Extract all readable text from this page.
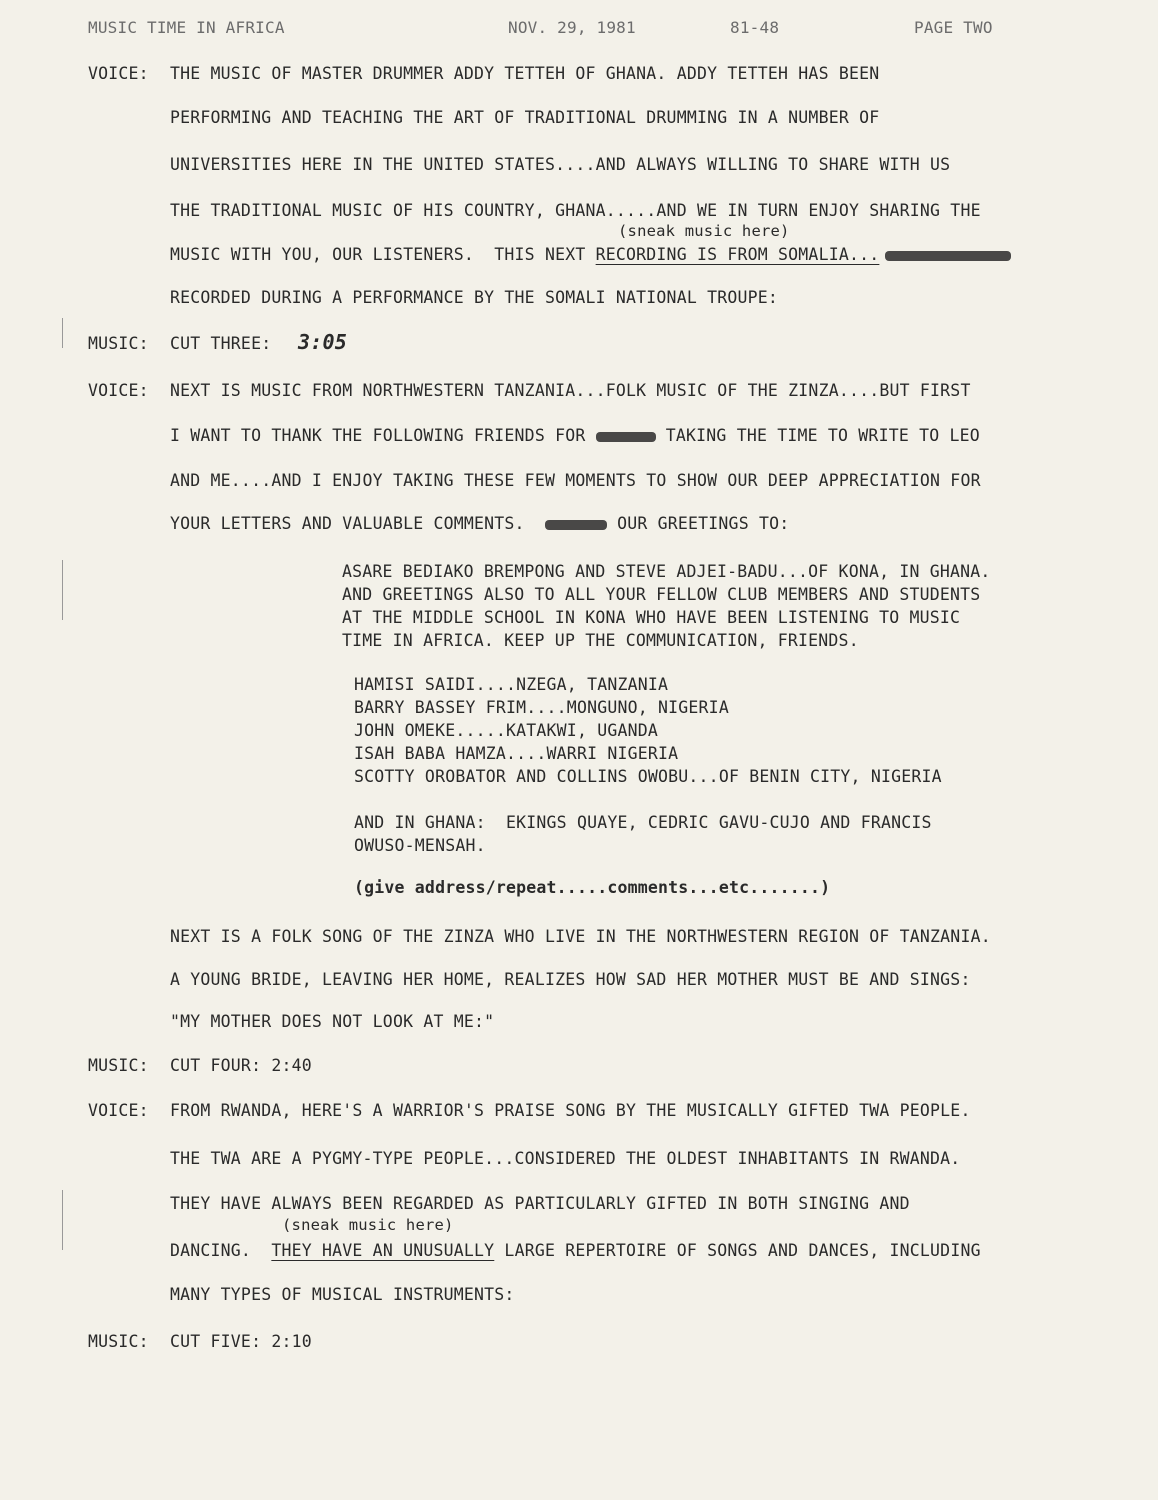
MUSIC TIME IN AFRICA	NOV. 29, 1981	81-48	PAGE TWO
VOICE: THE MUSIC OF MASTER DRUMMER ADDY TETTEH OF GHANA. ADDY TETTEH HAS BEEN
PERFORMING AND TEACHING THE ART OF TRADITIONAL DRUMMING IN A NUMBER OF
UNIVERSITIES HERE IN THE UNITED STATES....AND ALWAYS WILLING TO SHARE WITH US
THE TRADITIONAL MUSIC OF HIS COUNTRY, GHANA.....AND WE IN TURN ENJOY SHARING THE
(sneak music here)
MUSIC WITH YOU, OUR LISTENERS.  THIS NEXT RECORDING IS FROM SOMALIA...
RECORDED DURING A PERFORMANCE BY THE SOMALI NATIONAL TROUPE:
MUSIC: CUT THREE: 3:05
VOICE: NEXT IS MUSIC FROM NORTHWESTERN TANZANIA...FOLK MUSIC OF THE ZINZA....BUT FIRST
I WANT TO THANK THE FOLLOWING FRIENDS FOR	TAKING THE TIME TO WRITE TO LEO
AND ME....AND I ENJOY TAKING THESE FEW MOMENTS TO SHOW OUR DEEP APPRECIATION FOR
YOUR LETTERS AND VALUABLE COMMENTS.	OUR GREETINGS TO:
ASARE BEDIAKO BREMPONG AND STEVE ADJEI-BADU...OF KONA, IN GHANA.
AND GREETINGS ALSO TO ALL YOUR FELLOW CLUB MEMBERS AND STUDENTS
AT THE MIDDLE SCHOOL IN KONA WHO HAVE BEEN LISTENING TO MUSIC
TIME IN AFRICA. KEEP UP THE COMMUNICATION, FRIENDS.
HAMISI SAIDI....NZEGA, TANZANIA
BARRY BASSEY FRIM....MONGUNO, NIGERIA
JOHN OMEKE.....KATAKWI, UGANDA
ISAH BABA HAMZA....WARRI NIGERIA
SCOTTY OROBATOR AND COLLINS OWOBU...OF BENIN CITY, NIGERIA
AND IN GHANA:  EKINGS QUAYE, CEDRIC GAVU-CUJO AND FRANCIS
OWUSO-MENSAH.
(give address/repeat.....comments...etc.......)
NEXT IS A FOLK SONG OF THE ZINZA WHO LIVE IN THE NORTHWESTERN REGION OF TANZANIA.
A YOUNG BRIDE, LEAVING HER HOME, REALIZES HOW SAD HER MOTHER MUST BE AND SINGS:
"MY MOTHER DOES NOT LOOK AT ME:"
MUSIC: CUT FOUR: 2:40
VOICE: FROM RWANDA, HERE'S A WARRIOR'S PRAISE SONG BY THE MUSICALLY GIFTED TWA PEOPLE.
THE TWA ARE A PYGMY-TYPE PEOPLE...CONSIDERED THE OLDEST INHABITANTS IN RWANDA.
THEY HAVE ALWAYS BEEN REGARDED AS PARTICULARLY GIFTED IN BOTH SINGING AND
(sneak music here)
DANCING.  THEY HAVE AN UNUSUALLY LARGE REPERTOIRE OF SONGS AND DANCES, INCLUDING
MANY TYPES OF MUSICAL INSTRUMENTS:
MUSIC: CUT FIVE: 2:10
